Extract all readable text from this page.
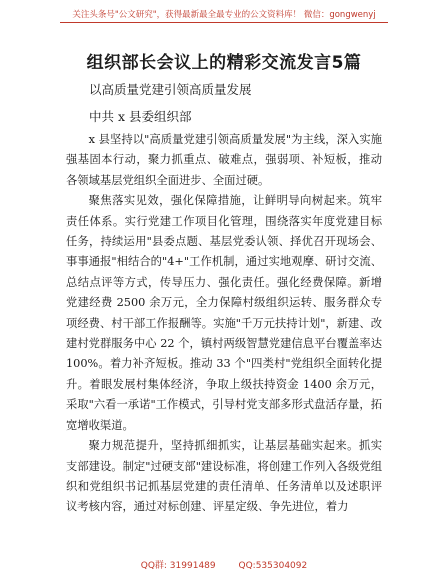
关注头条号"公文研究"，获得最新最全最专业的公文资料库！ 微信：gongwenyj
组织部长会议上的精彩交流发言5篇
以高质量党建引领高质量发展
中共 x 县委组织部

x 县坚持以"高质量党建引领高质量发展"为主线，深入实施强基固本行动，聚力抓重点、破难点，强弱项、补短板，推动各领域基层党组织全面进步、全面过硬。

聚焦落实见效，强化保障措施，让鲜明导向树起来。筑牢责任体系。实行党建工作项目化管理，围绕落实年度党建目标任务，持续运用"县委点题、基层党委认领、择优召开现场会、事事通报"相结合的"4+"工作机制，通过实地观摩、研讨交流、总结点评等方式，传导压力、强化责任。强化经费保障。新增党建经费 2500 余万元，全力保障村级组织运转、服务群众专项经费、村干部工作报酬等。实施"千万元扶持计划"，新建、改建村党群服务中心 22 个，镇村两级智慧党建信息平台覆盖率达 100%。着力补齐短板。推动 33 个"四类村"党组织全面转化提升。着眼发展村集体经济，争取上级扶持资金 1400 余万元，采取"六看一承诺"工作模式，引导村党支部多形式盘活存量，拓宽增收渠道。

聚力规范提升，坚持抓细抓实，让基层基础实起来。抓实支部建设。制定"过硬支部"建设标准，将创建工作列入各级党组织和党组织书记抓基层党建的责任清单、任务清单以及述职评议考核内容，通过对标创建、评星定级、争先进位，着力

QQ群: 31991489	QQ:535304092
